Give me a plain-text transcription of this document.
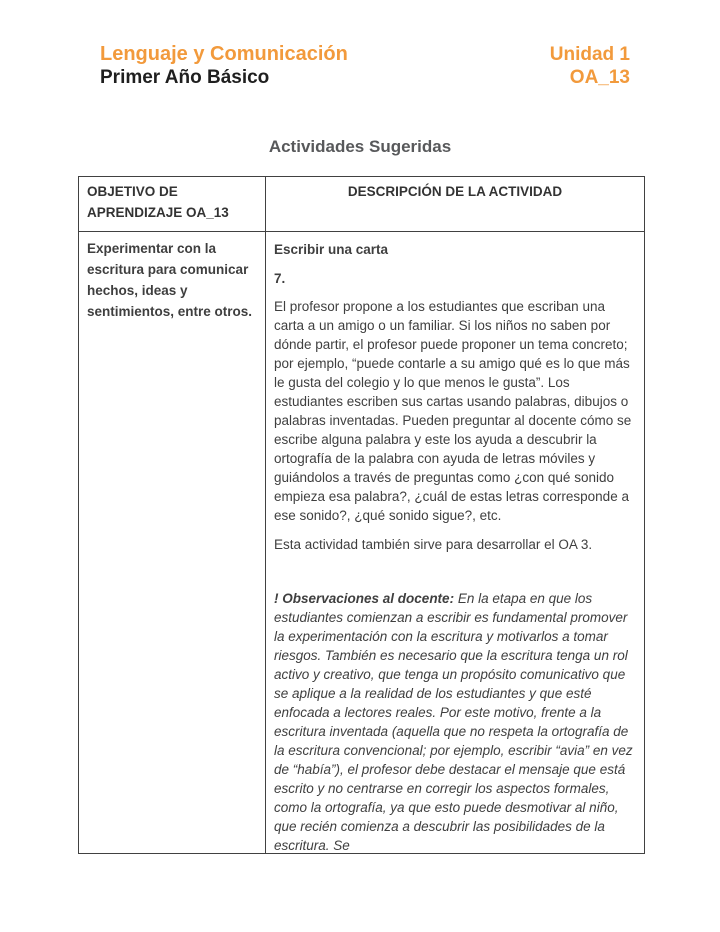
Lenguaje y Comunicación
Primer Año Básico
Unidad 1
OA_13
Actividades Sugeridas
OBJETIVO DE APRENDIZAJE OA_13	DESCRIPCIÓN DE LA ACTIVIDAD
Experimentar con la escritura para comunicar hechos, ideas y sentimientos, entre otros.	Escribir una carta

7.

El profesor propone a los estudiantes que escriban una carta a un amigo o un familiar. Si los niños no saben por dónde partir, el profesor puede proponer un tema concreto; por ejemplo, “puede contarle a su amigo qué es lo que más le gusta del colegio y lo que menos le gusta”. Los estudiantes escriben sus cartas usando palabras, dibujos o palabras inventadas. Pueden preguntar al docente cómo se escribe alguna palabra y este los ayuda a descubrir la ortografía de la palabra con ayuda de letras móviles y guiándolos a través de preguntas como ¿con qué sonido empieza esa palabra?, ¿cuál de estas letras corresponde a ese sonido?, ¿qué sonido sigue?, etc.

Esta actividad también sirve para desarrollar el OA 3.

! Observaciones al docente: En la etapa en que los estudiantes comienzan a escribir es fundamental promover la experimentación con la escritura y motivarlos a tomar riesgos. También es necesario que la escritura tenga un rol activo y creativo, que tenga un propósito comunicativo que se aplique a la realidad de los estudiantes y que esté enfocada a lectores reales. Por este motivo, frente a la escritura inventada (aquella que no respeta la ortografía de la escritura convencional; por ejemplo, escribir “avia” en vez de “había”), el profesor debe destacar el mensaje que está escrito y no centrarse en corregir los aspectos formales, como la ortografía, ya que esto puede desmotivar al niño, que recién comienza a descubrir las posibilidades de la escritura. Se
